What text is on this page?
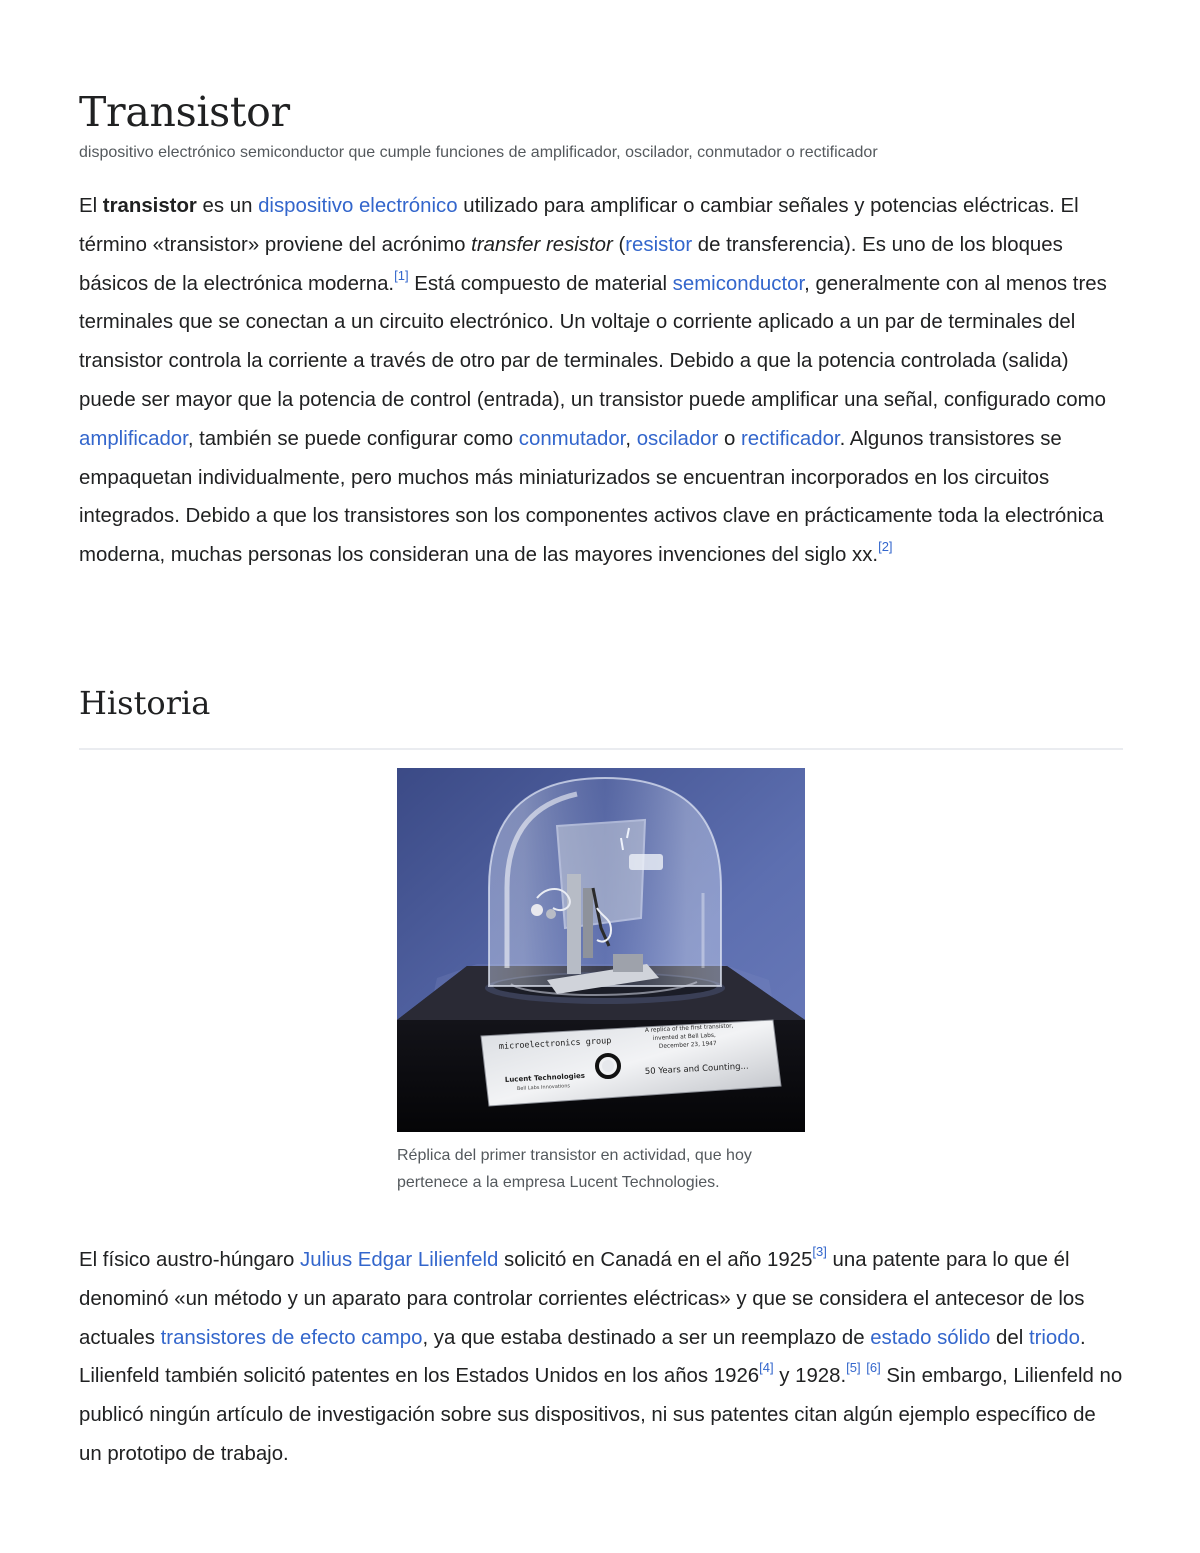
Transistor
dispositivo electrónico semiconductor que cumple funciones de amplificador, oscilador, conmutador o rectificador

El transistor es un dispositivo electrónico utilizado para amplificar o cambiar señales y potencias eléctricas. El término «transistor» proviene del acrónimo transfer resistor (resistor de transferencia). Es uno de los bloques básicos de la electrónica moderna.[1] Está compuesto de material semiconductor, generalmente con al menos tres terminales que se conectan a un circuito electrónico. Un voltaje o corriente aplicado a un par de terminales del transistor controla la corriente a través de otro par de terminales. Debido a que la potencia controlada (salida) puede ser mayor que la potencia de control (entrada), un transistor puede amplificar una señal, configurado como amplificador, también se puede configurar como conmutador, oscilador o rectificador. Algunos transistores se empaquetan individualmente, pero muchos más miniaturizados se encuentran incorporados en los circuitos integrados. Debido a que los transistores son los componentes activos clave en prácticamente toda la electrónica moderna, muchas personas los consideran una de las mayores invenciones del siglo xx.[2]

Historia
microelectronics group
Lucent Technologies
Bell Labs Innovations
A replica of the first transistor,
invented at Bell Labs,
December 23, 1947
50 Years and Counting...
Réplica del primer transistor en actividad, que hoy pertenece a la empresa Lucent Technologies.

El físico austro-húngaro Julius Edgar Lilienfeld solicitó en Canadá en el año 1925[3] una patente para lo que él denominó «un método y un aparato para controlar corrientes eléctricas» y que se considera el antecesor de los actuales transistores de efecto campo, ya que estaba destinado a ser un reemplazo de estado sólido del triodo. Lilienfeld también solicitó patentes en los Estados Unidos en los años 1926[4] y 1928.[5] [6] Sin embargo, Lilienfeld no publicó ningún artículo de investigación sobre sus dispositivos, ni sus patentes citan algún ejemplo específico de un prototipo de trabajo.
